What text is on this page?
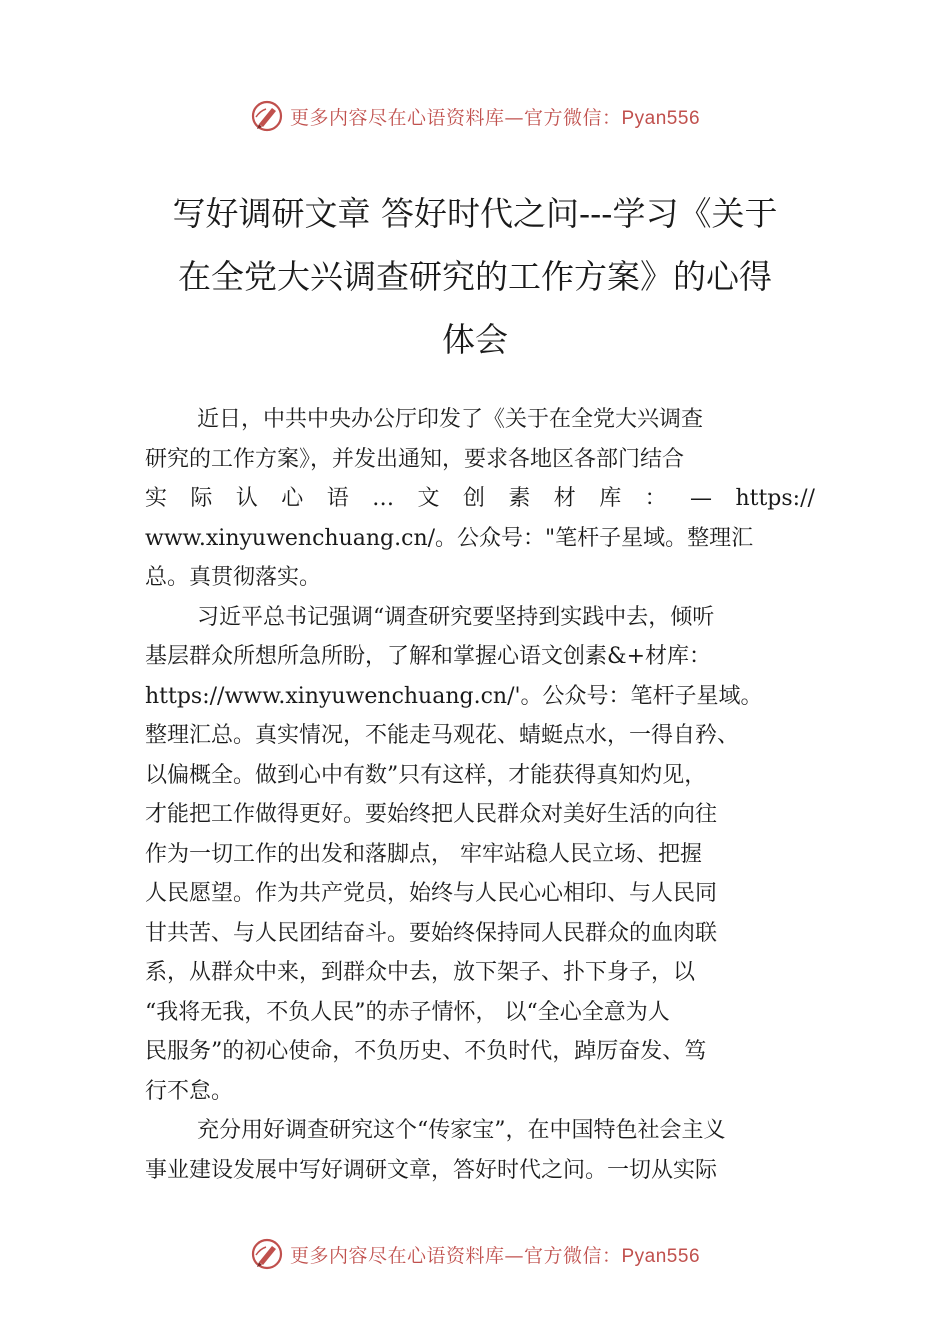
更多内容尽在心语资料库—官方微信：Pyan556
写好调研文章 答好时代之问---学习《关于
在全党大兴调查研究的工作方案》的心得
体会

近日，中共中央办公厅印发了《关于在全党大兴调查
研究的工作方案》，并发出通知，要求各地区各部门结合
实 际 认 心 语 … 文 创 素 材 库 ： — https://
www.xinyuwenchuang.cn/。公众号："笔杆子星域。整理汇
总。真贯彻落实。

习近平总书记强调“调查研究要坚持到实践中去，倾听
基层群众所想所急所盼，了解和掌握心语文创素&+材库：
https://www.xinyuwenchuang.cn/'。公众号：笔杆子星域。
整理汇总。真实情况，不能走马观花、蜻蜓点水，一得自矜、
以偏概全。做到心中有数”只有这样，才能获得真知灼见，
才能把工作做得更好。要始终把人民群众对美好生活的向往
作为一切工作的出发和落脚点， 牢牢站稳人民立场、把握
人民愿望。作为共产党员，始终与人民心心相印、与人民同
甘共苦、与人民团结奋斗。要始终保持同人民群众的血肉联
系，从群众中来，到群众中去，放下架子、扑下身子，以
“我将无我，不负人民”的赤子情怀， 以“全心全意为人
民服务”的初心使命，不负历史、不负时代，踔厉奋发、笃
行不怠。

充分用好调查研究这个“传家宝”，在中国特色社会主义
事业建设发展中写好调研文章，答好时代之问。一切从实际

更多内容尽在心语资料库—官方微信：Pyan556
